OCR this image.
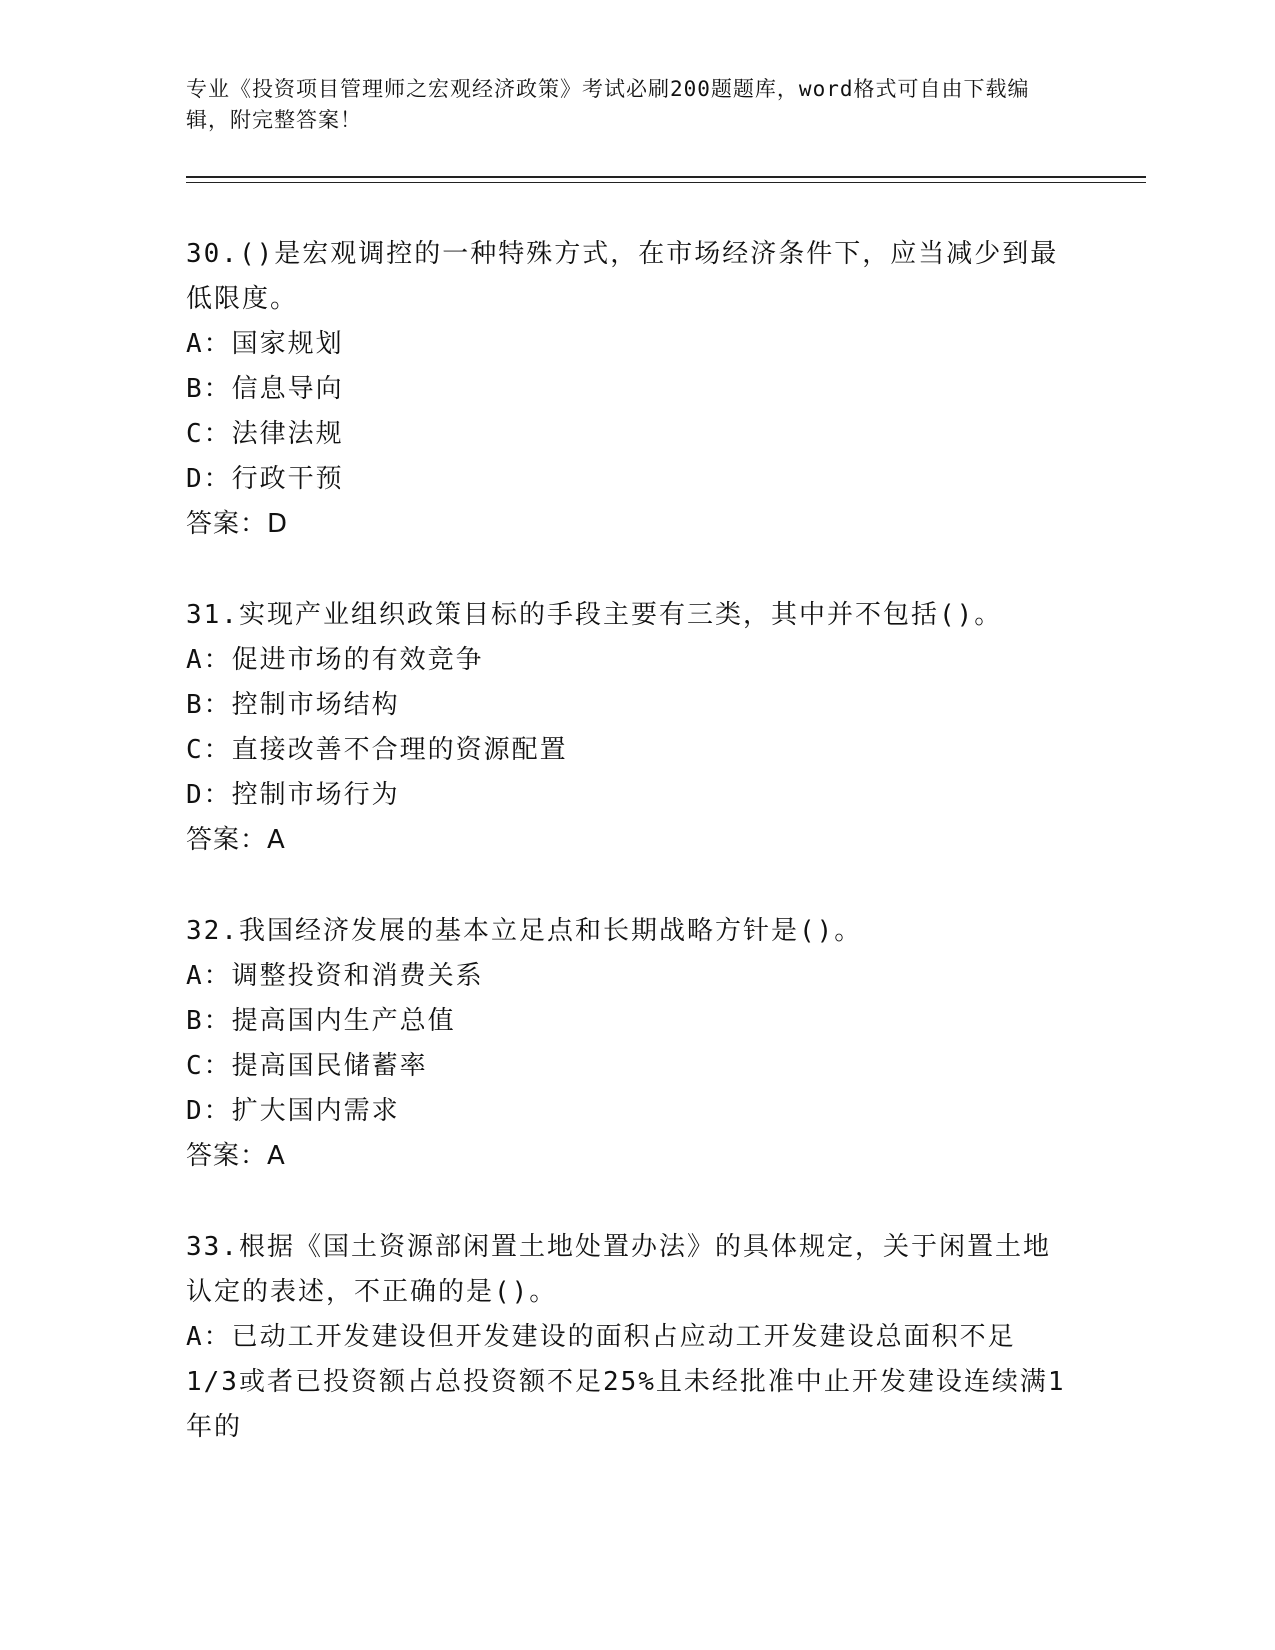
专业《投资项目管理师之宏观经济政策》考试必刷200题题库，word格式可自由下载编辑，附完整答案！
30.()是宏观调控的一种特殊方式，在市场经济条件下，应当减少到最低限度。
A：国家规划
B：信息导向
C：法律法规
D：行政干预
答案：D
31.实现产业组织政策目标的手段主要有三类，其中并不包括()。
A：促进市场的有效竞争
B：控制市场结构
C：直接改善不合理的资源配置
D：控制市场行为
答案：A
32.我国经济发展的基本立足点和长期战略方针是()。
A：调整投资和消费关系
B：提高国内生产总值
C：提高国民储蓄率
D：扩大国内需求
答案：A
33.根据《国土资源部闲置土地处置办法》的具体规定，关于闲置土地认定的表述，不正确的是()。
A：已动工开发建设但开发建设的面积占应动工开发建设总面积不足1/3或者已投资额占总投资额不足25%且未经批准中止开发建设连续满1年的
